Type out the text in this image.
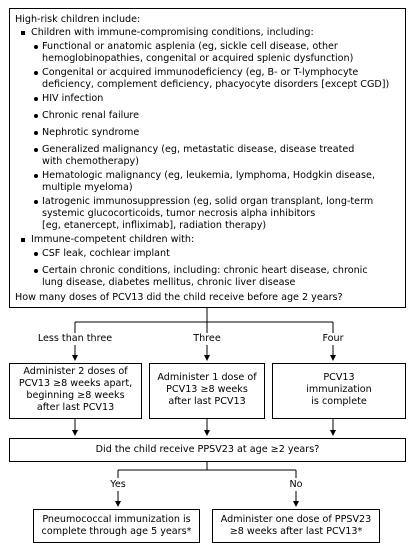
High-risk children include:
Children with immune-compromising conditions, including:
Functional or anatomic asplenia (eg, sickle cell disease, other
hemoglobinopathies, congenital or acquired splenic dysfunction)
Congenital or acquired immunodeficiency (eg, B- or T-lymphocyte
deficiency, complement deficiency, phacyocyte disorders [except CGD])
HIV infection
Chronic renal failure
Nephrotic syndrome
Generalized malignancy (eg, metastatic disease, disease treated
with chemotherapy)
Hematologic malignancy (eg, leukemia, lymphoma, Hodgkin disease,
multiple myeloma)
Iatrogenic immunosuppression (eg, solid organ transplant, long-term
systemic glucocorticoids, tumor necrosis alpha inhibitors
[eg, etanercept, infliximab], radiation therapy)
Immune-competent children with:
CSF leak, cochlear implant
Certain chronic conditions, including: chronic heart disease, chronic
lung disease, diabetes mellitus, chronic liver disease
How many doses of PCV13 did the child receive before age 2 years?
Less than three	Three	Four
Administer 2 doses of
PCV13 ≥8 weeks apart,
beginning ≥8 weeks
after last PCV13
Administer 1 dose of
PCV13 ≥8 weeks
after last PCV13
PCV13
immunization
is complete
Did the child receive PPSV23 at age ≥2 years?
Yes	No
Pneumococcal immunization is
complete through age 5 years*
Administer one dose of PPSV23
≥8 weeks after last PCV13*
